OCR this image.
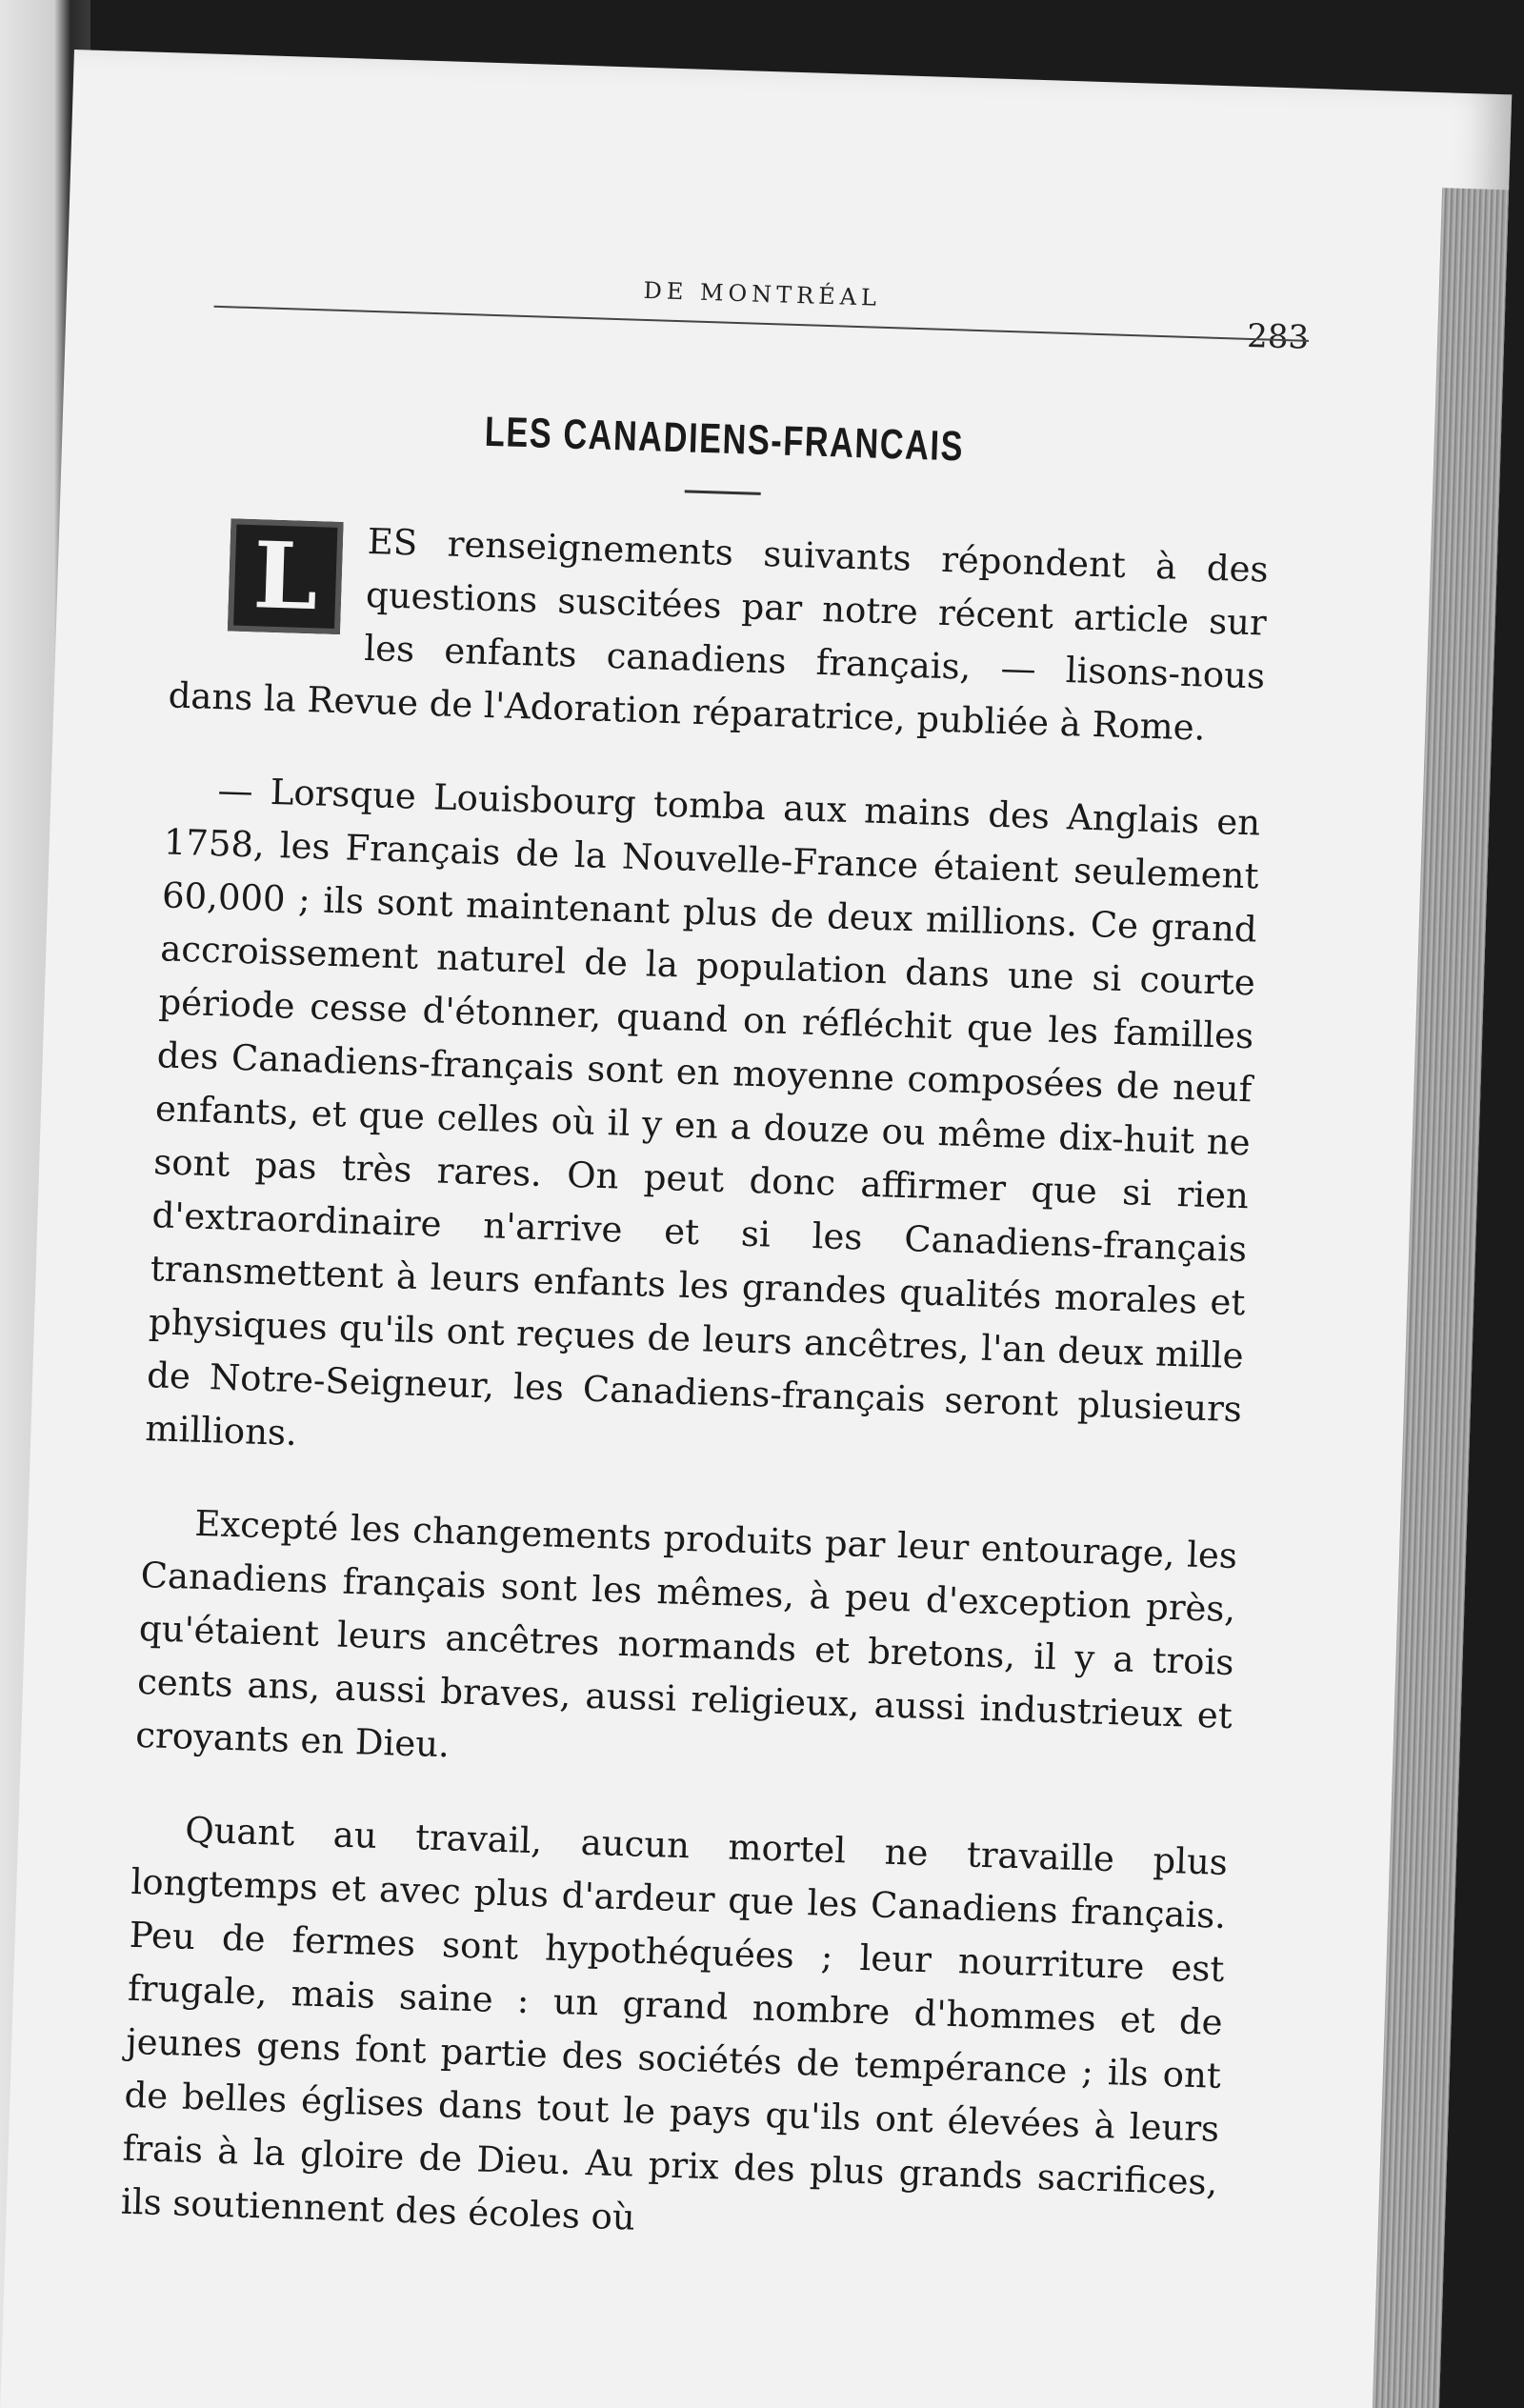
DE MONTRÉAL
283
LES CANADIENS-FRANCAIS
L	ES renseignements suivants répondent à des questions suscitées par notre récent article sur les enfants canadiens français, — lisons-nous dans la Revue de l'Adoration réparatrice, publiée à Rome.

— Lorsque Louisbourg tomba aux mains des Anglais en 1758, les Français de la Nouvelle-France étaient seulement 60,000 ; ils sont maintenant plus de deux millions. Ce grand accroissement naturel de la population dans une si courte période cesse d'étonner, quand on réfléchit que les familles des Canadiens-français sont en moyenne composées de neuf enfants, et que celles où il y en a douze ou même dix-huit ne sont pas très rares. On peut donc affirmer que si rien d'extraordinaire n'arrive et si les Canadiens-français transmettent à leurs enfants les grandes qualités morales et physiques qu'ils ont reçues de leurs ancêtres, l'an deux mille de Notre-Seigneur, les Canadiens-français seront plusieurs millions.

Excepté les changements produits par leur entourage, les Canadiens français sont les mêmes, à peu d'exception près, qu'étaient leurs ancêtres normands et bretons, il y a trois cents ans, aussi braves, aussi religieux, aussi industrieux et croyants en Dieu.

Quant au travail, aucun mortel ne travaille plus longtemps et avec plus d'ardeur que les Canadiens français. Peu de fermes sont hypothéquées ; leur nourriture est frugale, mais saine : un grand nombre d'hommes et de jeunes gens font partie des sociétés de tempérance ; ils ont de belles églises dans tout le pays qu'ils ont élevées à leurs frais à la gloire de Dieu. Au prix des plus grands sacrifices, ils soutiennent des écoles où
